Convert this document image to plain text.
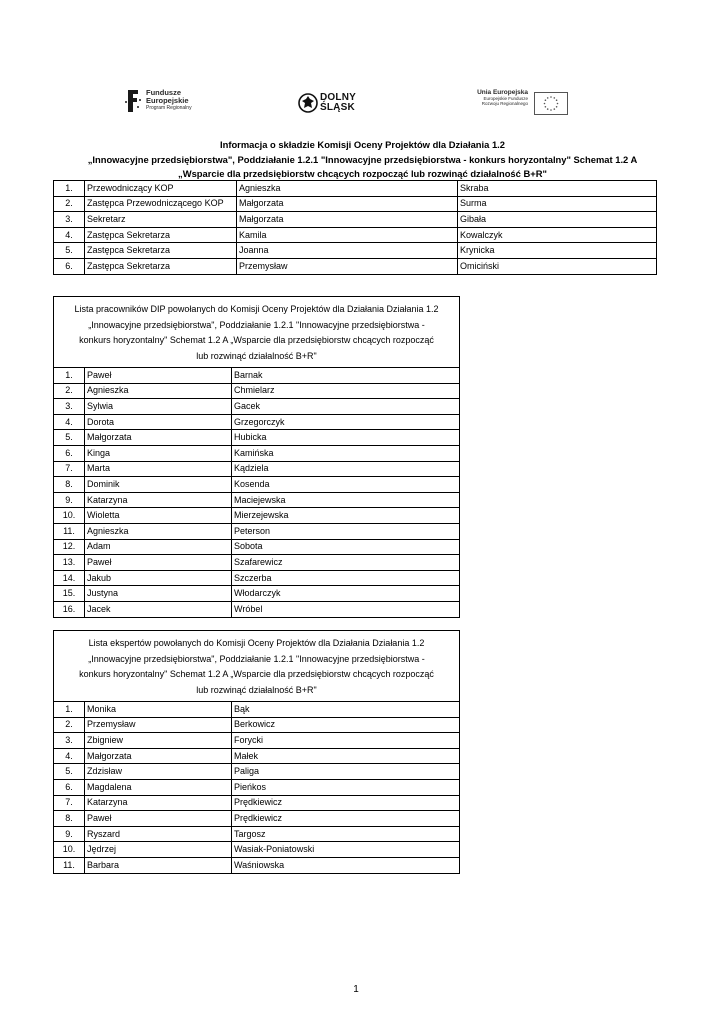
Fundusze
Europejskie
Program Regionalny
DOLNY
ŚLĄSK
Unia Europejska
Europejskie Fundusze
Rozwoju Regionalnego
Informacja o składzie Komisji Oceny Projektów dla Działania 1.2
„Innowacyjne przedsiębiorstwa", Poddziałanie 1.2.1 "Innowacyjne przedsiębiorstwa - konkurs horyzontalny" Schemat 1.2 A
„Wsparcie dla przedsiębiorstw chcących rozpocząć lub rozwinąć działalność B+R"
1.	Przewodniczący KOP	Agnieszka	Skraba
2.	Zastępca Przewodniczącego KOP	Małgorzata	Surma
3.	Sekretarz	Małgorzata	Gibała
4.	Zastępca Sekretarza	Kamila	Kowalczyk
5.	Zastępca Sekretarza	Joanna	Krynicka
6.	Zastępca Sekretarza	Przemysław	Omiciński
Lista pracowników DIP powołanych do Komisji Oceny Projektów dla Działania Działania 1.2 „Innowacyjne przedsiębiorstwa", Poddziałanie 1.2.1 "Innowacyjne przedsiębiorstwa - konkurs horyzontalny" Schemat 1.2 A „Wsparcie dla przedsiębiorstw chcących rozpocząć lub rozwinąć działalność B+R"		
1.	Paweł	Barnak
2.	Agnieszka	Chmielarz
3.	Sylwia	Gacek
4.	Dorota	Grzegorczyk
5.	Małgorzata	Hubicka
6.	Kinga	Kamińska
7.	Marta	Kądziela
8.	Dominik	Kosenda
9.	Katarzyna	Maciejewska
10.	Wioletta	Mierzejewska
11.	Agnieszka	Peterson
12.	Adam	Sobota
13.	Paweł	Szafarewicz
14.	Jakub	Szczerba
15.	Justyna	Włodarczyk
16.	Jacek	Wróbel
Lista ekspertów powołanych do Komisji Oceny Projektów dla Działania Działania 1.2 „Innowacyjne przedsiębiorstwa", Poddziałanie 1.2.1 "Innowacyjne przedsiębiorstwa - konkurs horyzontalny" Schemat 1.2 A „Wsparcie dla przedsiębiorstw chcących rozpocząć lub rozwinąć działalność B+R"		
1.	Monika	Bąk
2.	Przemysław	Berkowicz
3.	Zbigniew	Forycki
4.	Małgorzata	Małek
5.	Zdzisław	Paliga
6.	Magdalena	Pieńkos
7.	Katarzyna	Prędkiewicz
8.	Paweł	Prędkiewicz
9.	Ryszard	Targosz
10.	Jędrzej	Wasiak-Poniatowski
11.	Barbara	Waśniowska
1
